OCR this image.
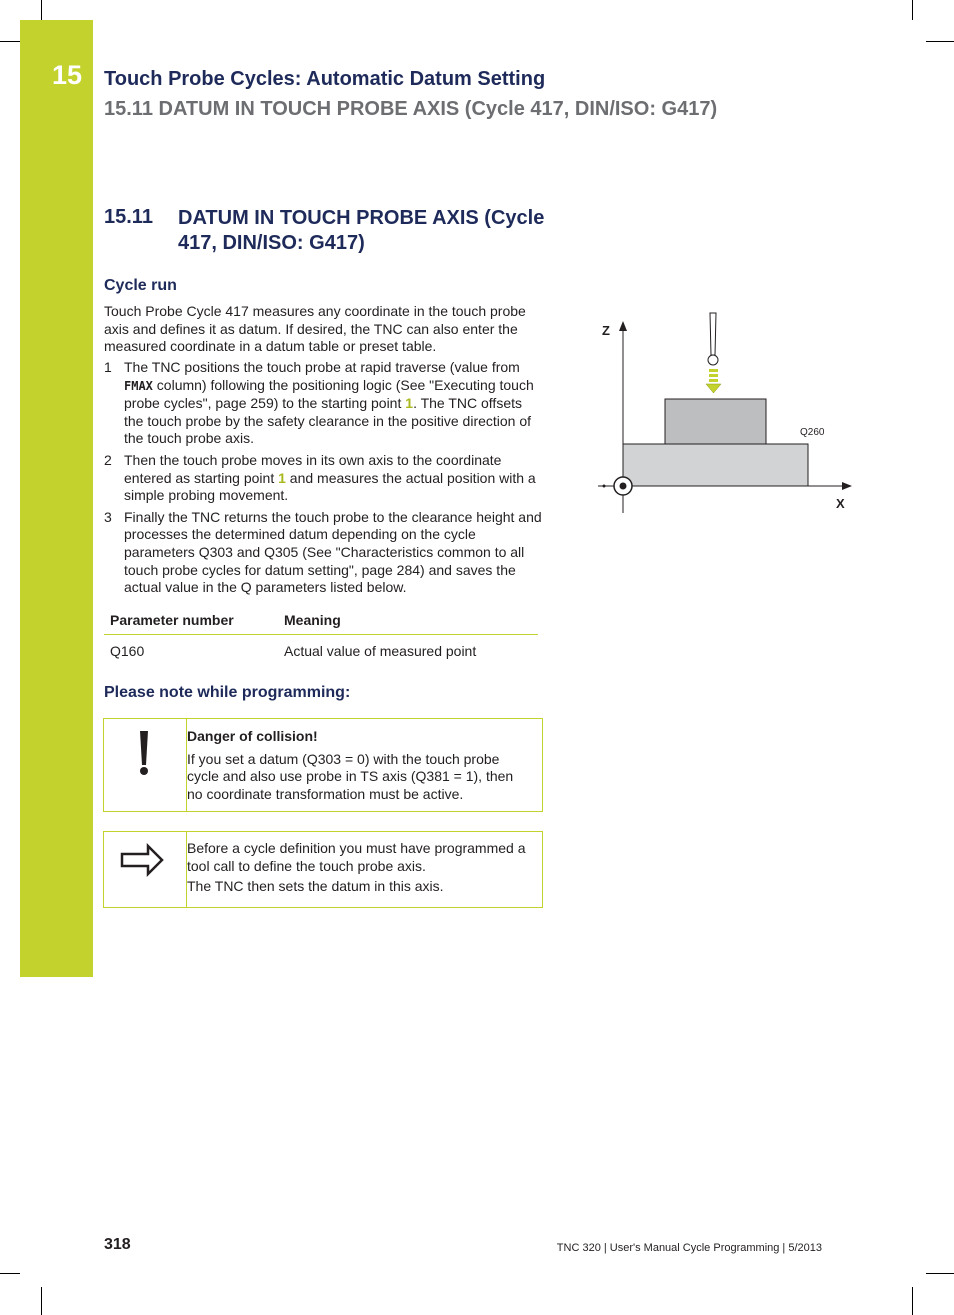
15 Touch Probe Cycles: Automatic Datum Setting
15.11 DATUM IN TOUCH PROBE AXIS (Cycle 417, DIN/ISO: G417)
15.11 DATUM IN TOUCH PROBE AXIS (Cycle 417, DIN/ISO: G417)
Cycle run
Touch Probe Cycle 417 measures any coordinate in the touch probe axis and defines it as datum. If desired, the TNC can also enter the measured coordinate in a datum table or preset table.
1 The TNC positions the touch probe at rapid traverse (value from FMAX column) following the positioning logic (See "Executing touch probe cycles", page 259) to the starting point 1. The TNC offsets the touch probe by the safety clearance in the positive direction of the touch probe axis.
2 Then the touch probe moves in its own axis to the coordinate entered as starting point 1 and measures the actual position with a simple probing movement.
3 Finally the TNC returns the touch probe to the clearance height and processes the determined datum depending on the cycle parameters Q303 and Q305 (See "Characteristics common to all touch probe cycles for datum setting", page 284) and saves the actual value in the Q parameters listed below.
Parameter number	Meaning
Q160	Actual value of measured point
Please note while programming:
Danger of collision!
If you set a datum (Q303 = 0) with the touch probe cycle and also use probe in TS axis (Q381 = 1), then no coordinate transformation must be active.
Before a cycle definition you must have programmed a tool call to define the touch probe axis.
The TNC then sets the datum in this axis.
Z
X
Q260
318	TNC 320 | User's Manual Cycle Programming | 5/2013
